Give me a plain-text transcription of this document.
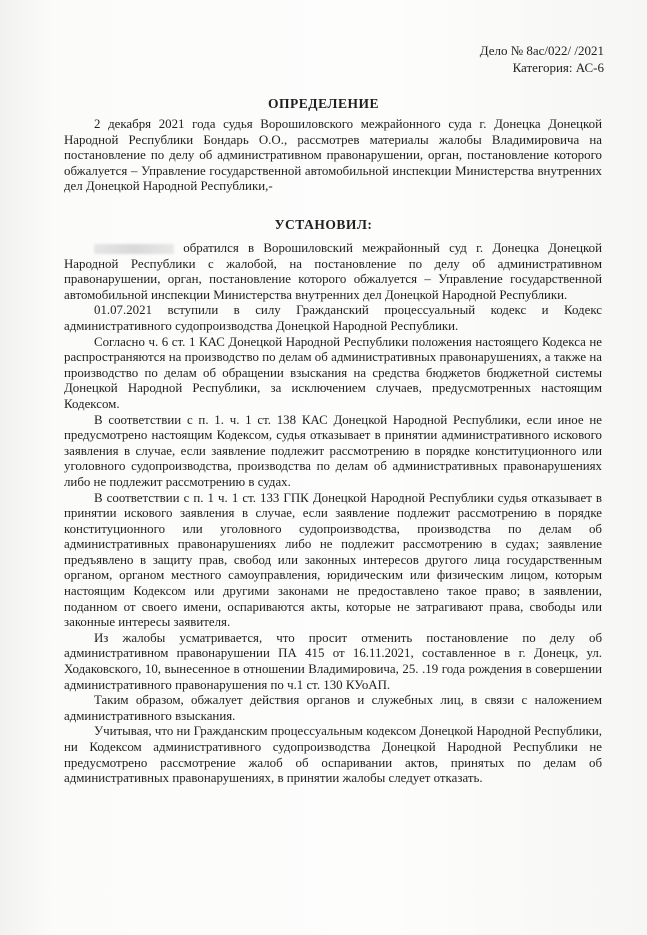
Дело № 8ас/022/ /2021
Категория: АС-6
ОПРЕДЕЛЕНИЕ

2 декабря 2021 года судья Ворошиловского межрайонного суда г. Донецка Донецкой Народной Республики Бондарь О.О., рассмотрев материалы жалобы Владимировича на постановление по делу об административном правонарушении, орган, постановление которого обжалуется – Управление государственной автомобильной инспекции Министерства внутренних дел Донецкой Народной Республики,-

УСТАНОВИЛ:

обратился в Ворошиловский межрайонный суд г. Донецка Донецкой Народной Республики с жалобой, на постановление по делу об административном правонарушении, орган, постановление которого обжалуется – Управление государственной автомобильной инспекции Министерства внутренних дел Донецкой Народной Республики.

01.07.2021 вступили в силу Гражданский процессуальный кодекс и Кодекс административного судопроизводства Донецкой Народной Республики.

Согласно ч. 6 ст. 1 КАС Донецкой Народной Республики положения настоящего Кодекса не распространяются на производство по делам об административных правонарушениях, а также на производство по делам об обращении взыскания на средства бюджетов бюджетной системы Донецкой Народной Республики, за исключением случаев, предусмотренных настоящим Кодексом.

В соответствии с п. 1. ч. 1 ст. 138 КАС Донецкой Народной Республики, если иное не предусмотрено настоящим Кодексом, судья отказывает в принятии административного искового заявления в случае, если заявление подлежит рассмотрению в порядке конституционного или уголовного судопроизводства, производства по делам об административных правонарушениях либо не подлежит рассмотрению в судах.

В соответствии с п. 1 ч. 1 ст. 133 ГПК Донецкой Народной Республики судья отказывает в принятии искового заявления в случае, если заявление подлежит рассмотрению в порядке конституционного или уголовного судопроизводства, производства по делам об административных правонарушениях либо не подлежит рассмотрению в судах; заявление предъявлено в защиту прав, свобод или законных интересов другого лица государственным органом, органом местного самоуправления, юридическим или физическим лицом, которым настоящим Кодексом или другими законами не предоставлено такое право; в заявлении, поданном от своего имени, оспариваются акты, которые не затрагивают права, свободы или законные интересы заявителя.

Из жалобы усматривается, что просит отменить постановление по делу об административном правонарушении ПА 415 от 16.11.2021, составленное в г. Донецк, ул. Ходаковского, 10, вынесенное в отношении Владимировича, 25. .19 года рождения в совершении административного правонарушения по ч.1 ст. 130 КУоАП.

Таким образом, обжалует действия органов и служебных лиц, в связи с наложением административного взыскания.

Учитывая, что ни Гражданским процессуальным кодексом Донецкой Народной Республики, ни Кодексом административного судопроизводства Донецкой Народной Республики не предусмотрено рассмотрение жалоб об оспаривании актов, принятых по делам об административных правонарушениях, в принятии жалобы следует отказать.
